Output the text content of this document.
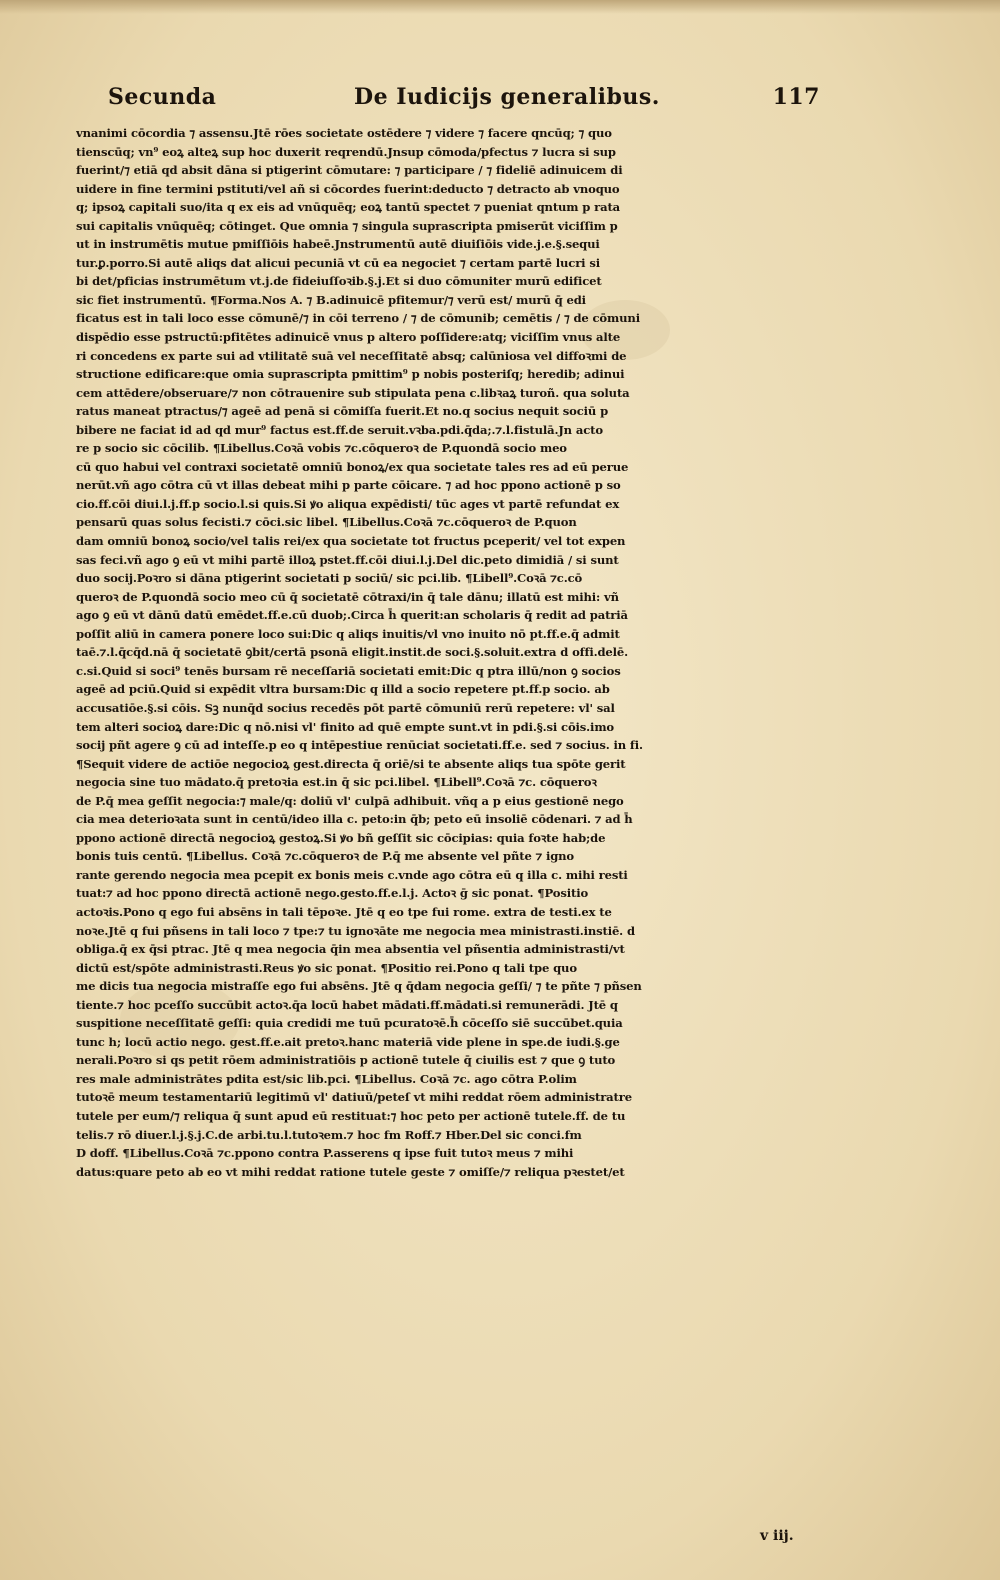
Secunda	De Iudicijs generalibus.	117
vnanimi cōcordia ⁊ assensu.Jtē rōes societate ostēdere ⁊ videre ⁊ facere qncūq; ⁊ quo
tienscūq; vn⁹ eoꝝ alteꝝ sup hoc duxerit reqrendū.Jnsup cōmoda/pfectus ⁊ lucra si sup
fuerint/⁊ etiā qd absit dāna si ptigerint cōmutare: ⁊ participare / ⁊ fideliē adinuicem di
uidere in fine termini pstituti/vel añ si cōcordes fuerint:deducto ⁊ detracto ab vnoquo
q; ipsoꝝ capitali suo/ita q ex eis ad vnūquēq; eoꝝ tantū spectet ⁊ pueniat qntum p rata
sui capitalis vnūquēq; cōtinget. Que omnia ⁊ singula suprascripta pmiserūt viciſſim p
ut in instrumētis mutue pmiſſiōis habeē.Jnstrumentū autē diuiſiōis vide.j.e.§.sequi
tur.ꝑ.porro.Si autē aliqs dat alicui pecuniā vt cū ea negociet ⁊ certam partē lucri si
bi det/pficias instrumētum vt.j.de fideiuſſoꝛib.§.j.Et si duo cōmuniter murū edificet
sic fiet instrumentū. ¶Forma.Nos A. ⁊ B.adinuicē pfitemur/⁊ verū est/ murū q̄ edi
ficatus est in tali loco esse cōmunē/⁊ in cōi terreno / ⁊ de cōmunib; cemētis / ⁊ de cōmuni
dispēdio esse pstructū:pfitētes adinuicē vnus p altero poſſidere:atq; viciſſim vnus alte
ri concedens ex parte sui ad vtilitatē suā vel neceſſitatē absq; calūniosa vel diffoꝛmi de
structione edificare:que omia suprascripta pmittim⁹ p nobis posteriſq; heredib; adinui
cem attēdere/obseruare/⁊ non cōtrauenire sub stipulata pena c.libꝛaꝝ turoñ. qua soluta
ratus maneat ptractus/⁊ ageē ad penā si cōmiſſa fuerit.Et no.q socius nequit sociū p
bibere ne faciat id ad qd mur⁹ factus est.ff.de seruit.vꝛba.pdi.q̄da;.⁊.l.fistulā.Jn acto
re p socio sic cōcilib. ¶Libellus.Coꝛā vobis ⁊c.cōqueroꝛ de P.quondā socio meo
cū quo habui vel contraxi societatē omniū bonoꝝ/ex qua societate tales res ad eū perue
nerūt.vñ ago cōtra cū vt illas debeat mihi p parte cōicare. ⁊ ad hoc ppono actionē p so
cio.ff.cōi diui.l.j.ff.p socio.l.si quis.Si ꝟo aliqua expēdisti/ tūc ages vt partē refundat ex
pensarū quas solus fecisti.⁊ cōci.sic libel. ¶Libellus.Coꝛā ⁊c.cōqueroꝛ de P.quon
dam omniū bonoꝝ socio/vel talis rei/ex qua societate tot fructus pceperit/ vel tot expen
sas feci.vñ ago ꝯ eū vt mihi partē illoꝝ pstet.ff.cōi diui.l.j.Del dic.peto dimidiā / si sunt
duo socij.Poꝛro si dāna ptigerint societati p sociū/ sic pci.lib. ¶Libell⁹.Coꝛā ⁊c.cō
queroꝛ de P.quondā socio meo cū q̄ societatē cōtraxi/in q̄ tale dānu; illatū est mihi: vñ
ago ꝯ eū vt dānū datū emēdet.ff.e.cū duob;.Circa h̄ querit:an scholaris q̄ redit ad patriā
poſſit aliū in camera ponere loco sui:Dic q aliqs inuitis/vl vno inuito nō pt.ff.e.q̄ admit
taē.⁊.l.q̄cq̄d.nā q̄ societatē ꝯbit/certā psonā eligit.instit.de soci.§.soluit.extra d offi.delē.
c.si.Quid si soci⁹ tenēs bursam rē neceſſariā societati emit:Dic q ptra illū/non ꝯ socios
ageē ad pciū.Quid si expēdit vltra bursam:Dic q illd a socio repetere pt.ff.p socio. ab
accusatiōe.§.si cōis. Sꝫ nunq̄d socius recedēs pōt partē cōmuniū rerū repetere: vl' sal
tem alteri socioꝝ dare:Dic q nō.nisi vl' finito ad quē empte sunt.vt in pdi.§.si cōis.imo
socij pñt agere ꝯ cū ad inteſſe.p eo q intēpestiue renūciat societati.ff.e. sed ⁊ socius. in fi.
¶Sequit videre de actiōe negocioꝝ gest.directa q̄ oriē/si te absente aliqs tua spōte gerit
negocia sine tuo mādato.q̄ pretoꝛia est.in q̄ sic pci.libel. ¶Libell⁹.Coꝛā ⁊c. cōqueroꝛ
de P.q̄ mea geſſit negocia:⁊ male/q: doliū vl' culpā adhibuit. vñq a p eius gestionē nego
cia mea deterioꝛata sunt in centū/ideo illa c. peto:in q̄b; peto eū insoliē cōdenari. ⁊ ad h̄
ppono actionē directā negocioꝝ gestoꝝ.Si ꝟo bñ geſſit sic cōcipias: quia foꝛte hab;de
bonis tuis centū. ¶Libellus. Coꝛā ⁊c.cōqueroꝛ de P.q̄ me absente vel pñte ⁊ igno
rante gerendo negocia mea pcepit ex bonis meis c.vnde ago cōtra eū q illa c. mihi resti
tuat:⁊ ad hoc ppono directā actionē nego.gesto.ff.e.l.j. Actoꝛ ḡ sic ponat. ¶Positio
actoꝛis.Pono q ego fui absēns in tali tēpoꝛe. Jtē q eo tpe fui rome. extra de testi.ex te
noꝛe.Jtē q fui pñsens in tali loco ⁊ tpe:⁊ tu ignoꝛāte me negocia mea ministrasti.instiē. d
obliga.q̄ ex q̄si ptrac. Jtē q mea negocia q̄in mea absentia vel pñsentia administrasti/vt
dictū est/spōte administrasti.Reus ꝟo sic ponat. ¶Positio rei.Pono q tali tpe quo
me dicis tua negocia mistraſſe ego fui absēns. Jtē q q̄dam negocia geſſi/ ⁊ te pñte ⁊ pñsen
tiente.⁊ hoc pceſſo succūbit actoꝛ.q̄a locū habet mādati.ff.mādati.si remunerādi. Jtē q
suspitione neceſſitatē geſſi: quia credidi me tuū pcuratoꝛē.h̄ cōceſſo siē succūbet.quia
tunc h; locū actio nego. gest.ff.e.ait pretoꝛ.hanc materiā vide plene in spe.de iudi.§.ge
nerali.Poꝛro si qs petit rōem administratiōis p actionē tutele q̄ ciuilis est ⁊ que ꝯ tuto
res male administrātes pdita est/sic lib.pci. ¶Libellus. Coꝛā ⁊c. ago cōtra P.olim
tutoꝛē meum testamentariū legitimū vl' datiuū/peteſ vt mihi reddat rōem administratre
tutele per eum/⁊ reliqua q̄ sunt apud eū restituat:⁊ hoc peto per actionē tutele.ff. de tu
telis.⁊ rō diuer.l.j.§.j.C.de arbi.tu.l.tutoꝛem.⁊ hoc fm Roff.⁊ Hber.Del sic conci.fm
D doff. ¶Libellus.Coꝛā ⁊c.ppono contra P.asserens q ipse fuit tutoꝛ meus ⁊ mihi
datus:quare peto ab eo vt mihi reddat ratione tutele geste ⁊ omiſſe/⁊ reliqua pꝛestet/et
v iij.
